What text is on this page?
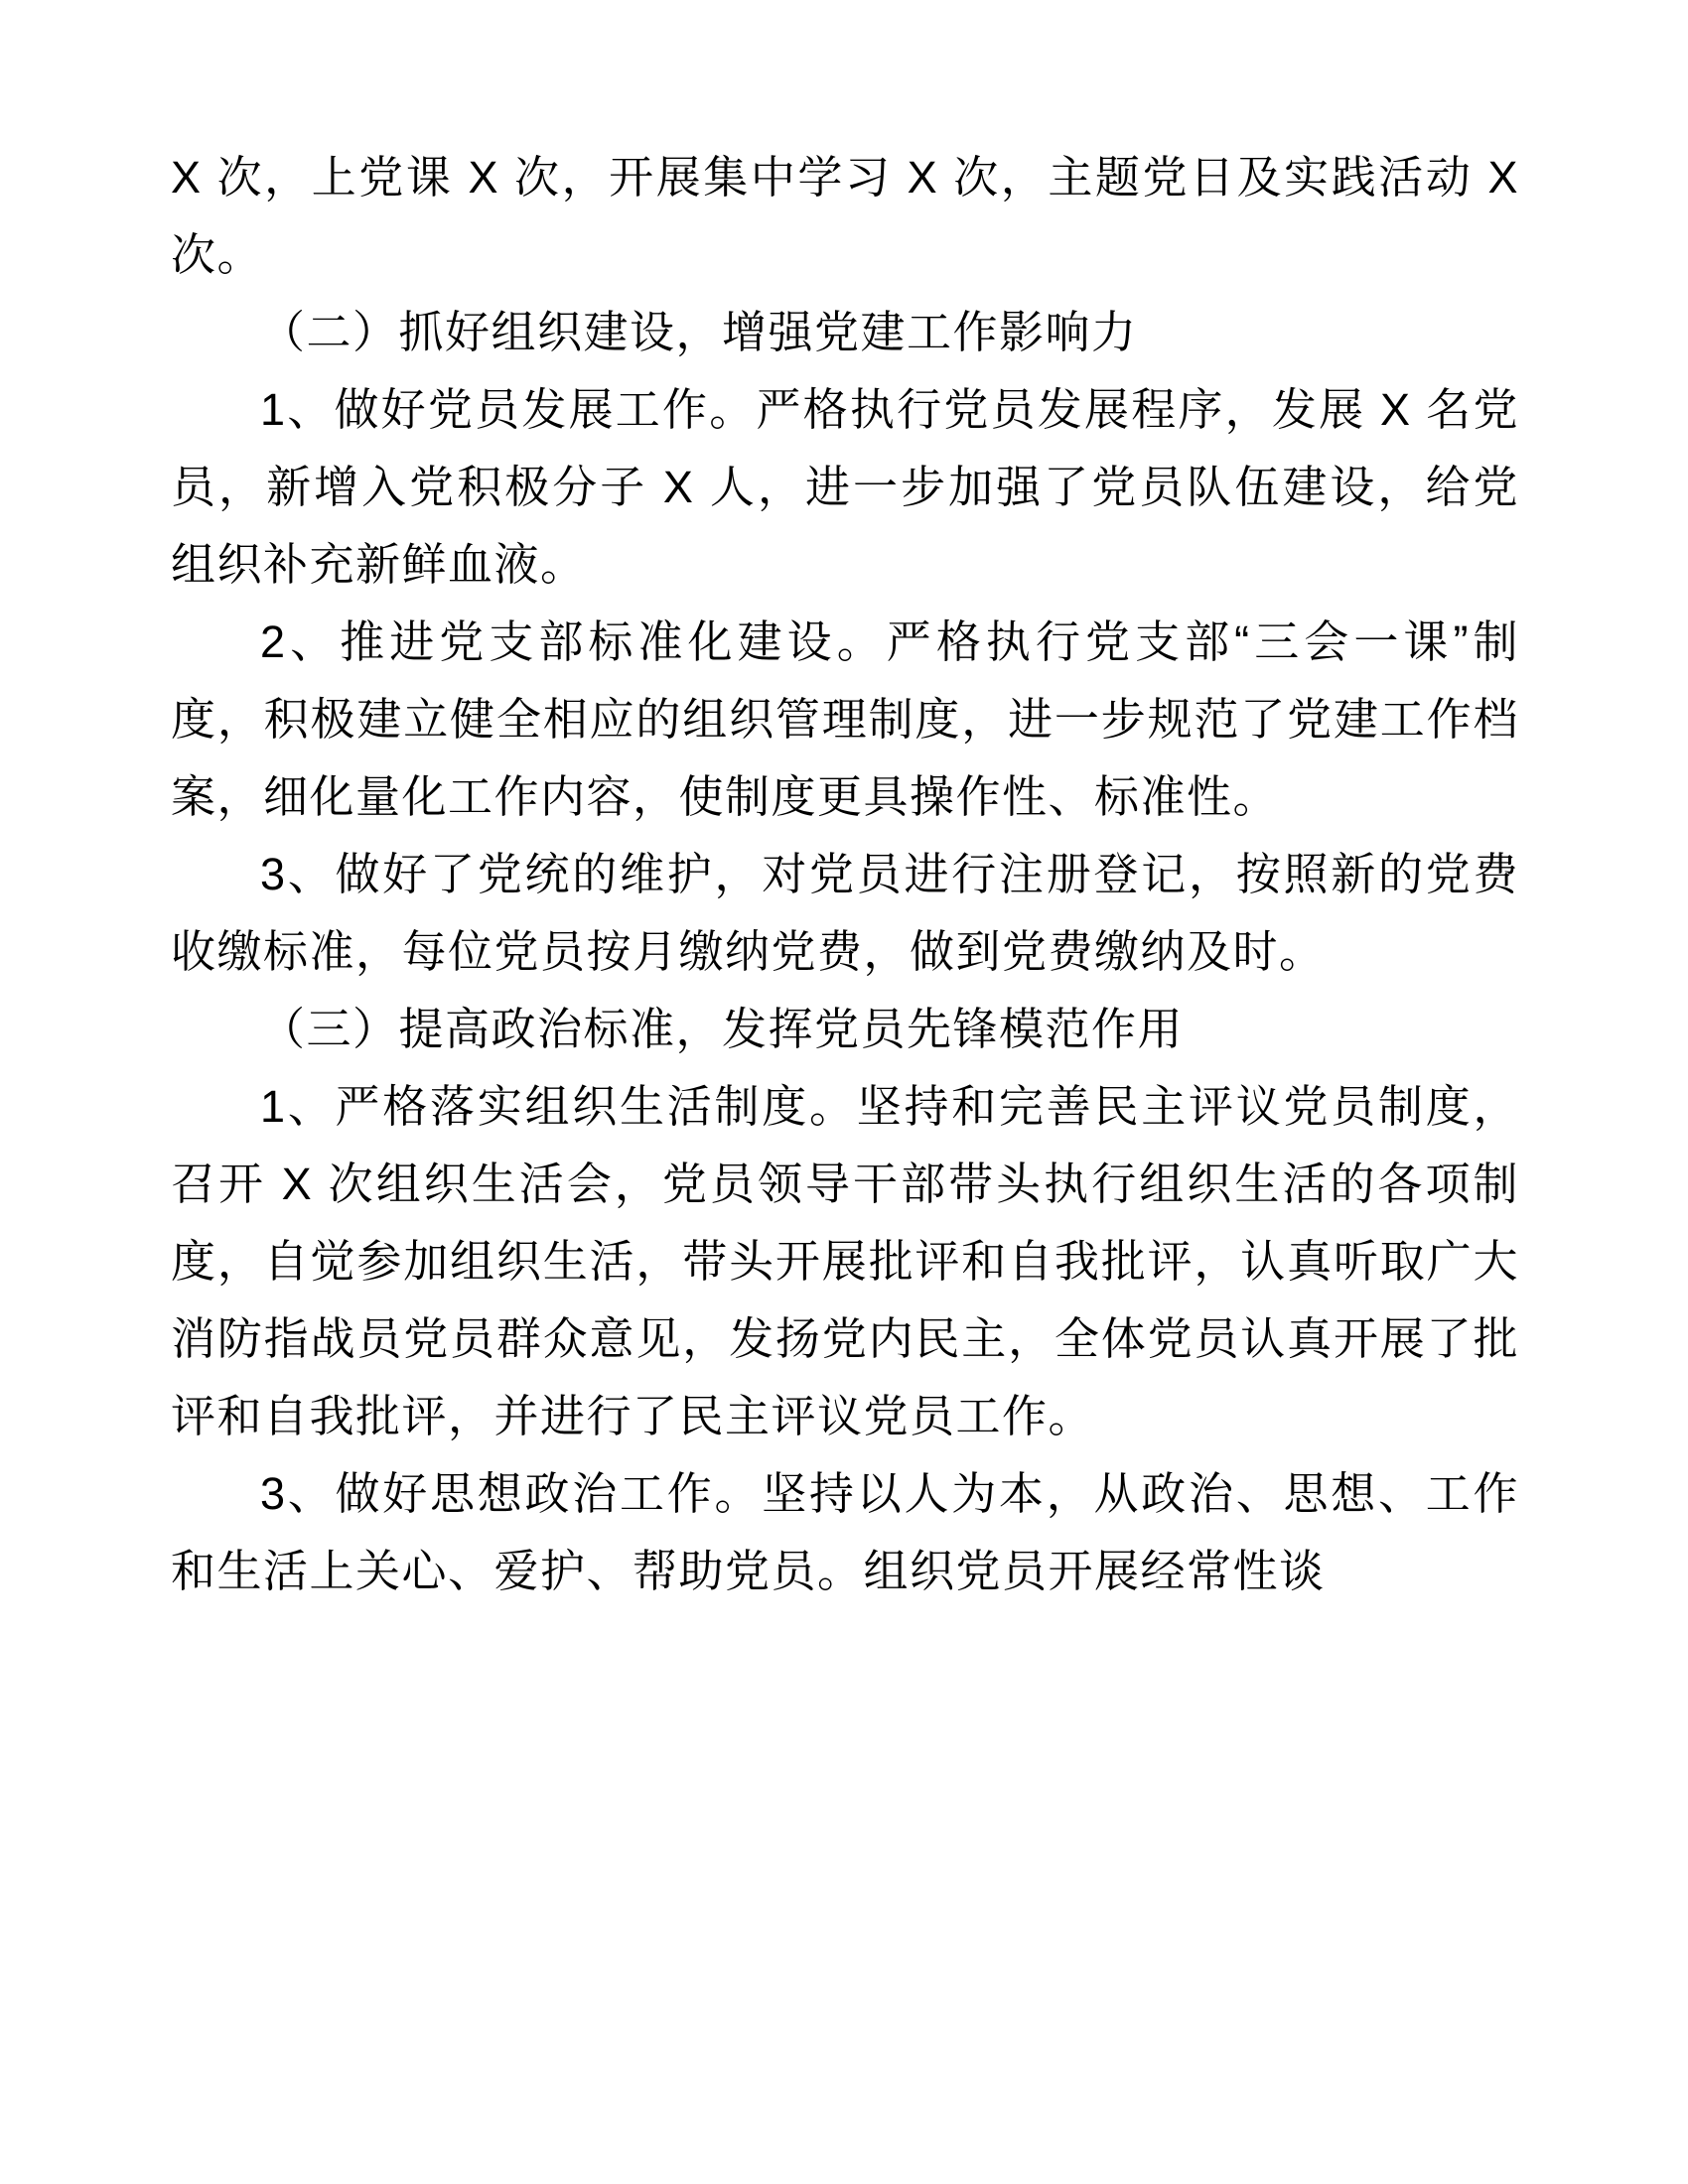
X 次，上党课 X 次，开展集中学习 X 次，主题党日及实践活动 X 次。

（二）抓好组织建设，增强党建工作影响力

1、做好党员发展工作。严格执行党员发展程序，发展 X 名党员，新增入党积极分子 X 人，进一步加强了党员队伍建设，给党组织补充新鲜血液。

2、推进党支部标准化建设。严格执行党支部“三会一课”制度，积极建立健全相应的组织管理制度，进一步规范了党建工作档案，细化量化工作内容，使制度更具操作性、标准性。

3、做好了党统的维护，对党员进行注册登记，按照新的党费收缴标准，每位党员按月缴纳党费，做到党费缴纳及时。

（三）提高政治标准，发挥党员先锋模范作用

1、严格落实组织生活制度。坚持和完善民主评议党员制度，召开 X 次组织生活会，党员领导干部带头执行组织生活的各项制度，自觉参加组织生活，带头开展批评和自我批评，认真听取广大消防指战员党员群众意见，发扬党内民主，全体党员认真开展了批评和自我批评，并进行了民主评议党员工作。

3、做好思想政治工作。坚持以人为本，从政治、思想、工作和生活上关心、爱护、帮助党员。组织党员开展经常性谈
